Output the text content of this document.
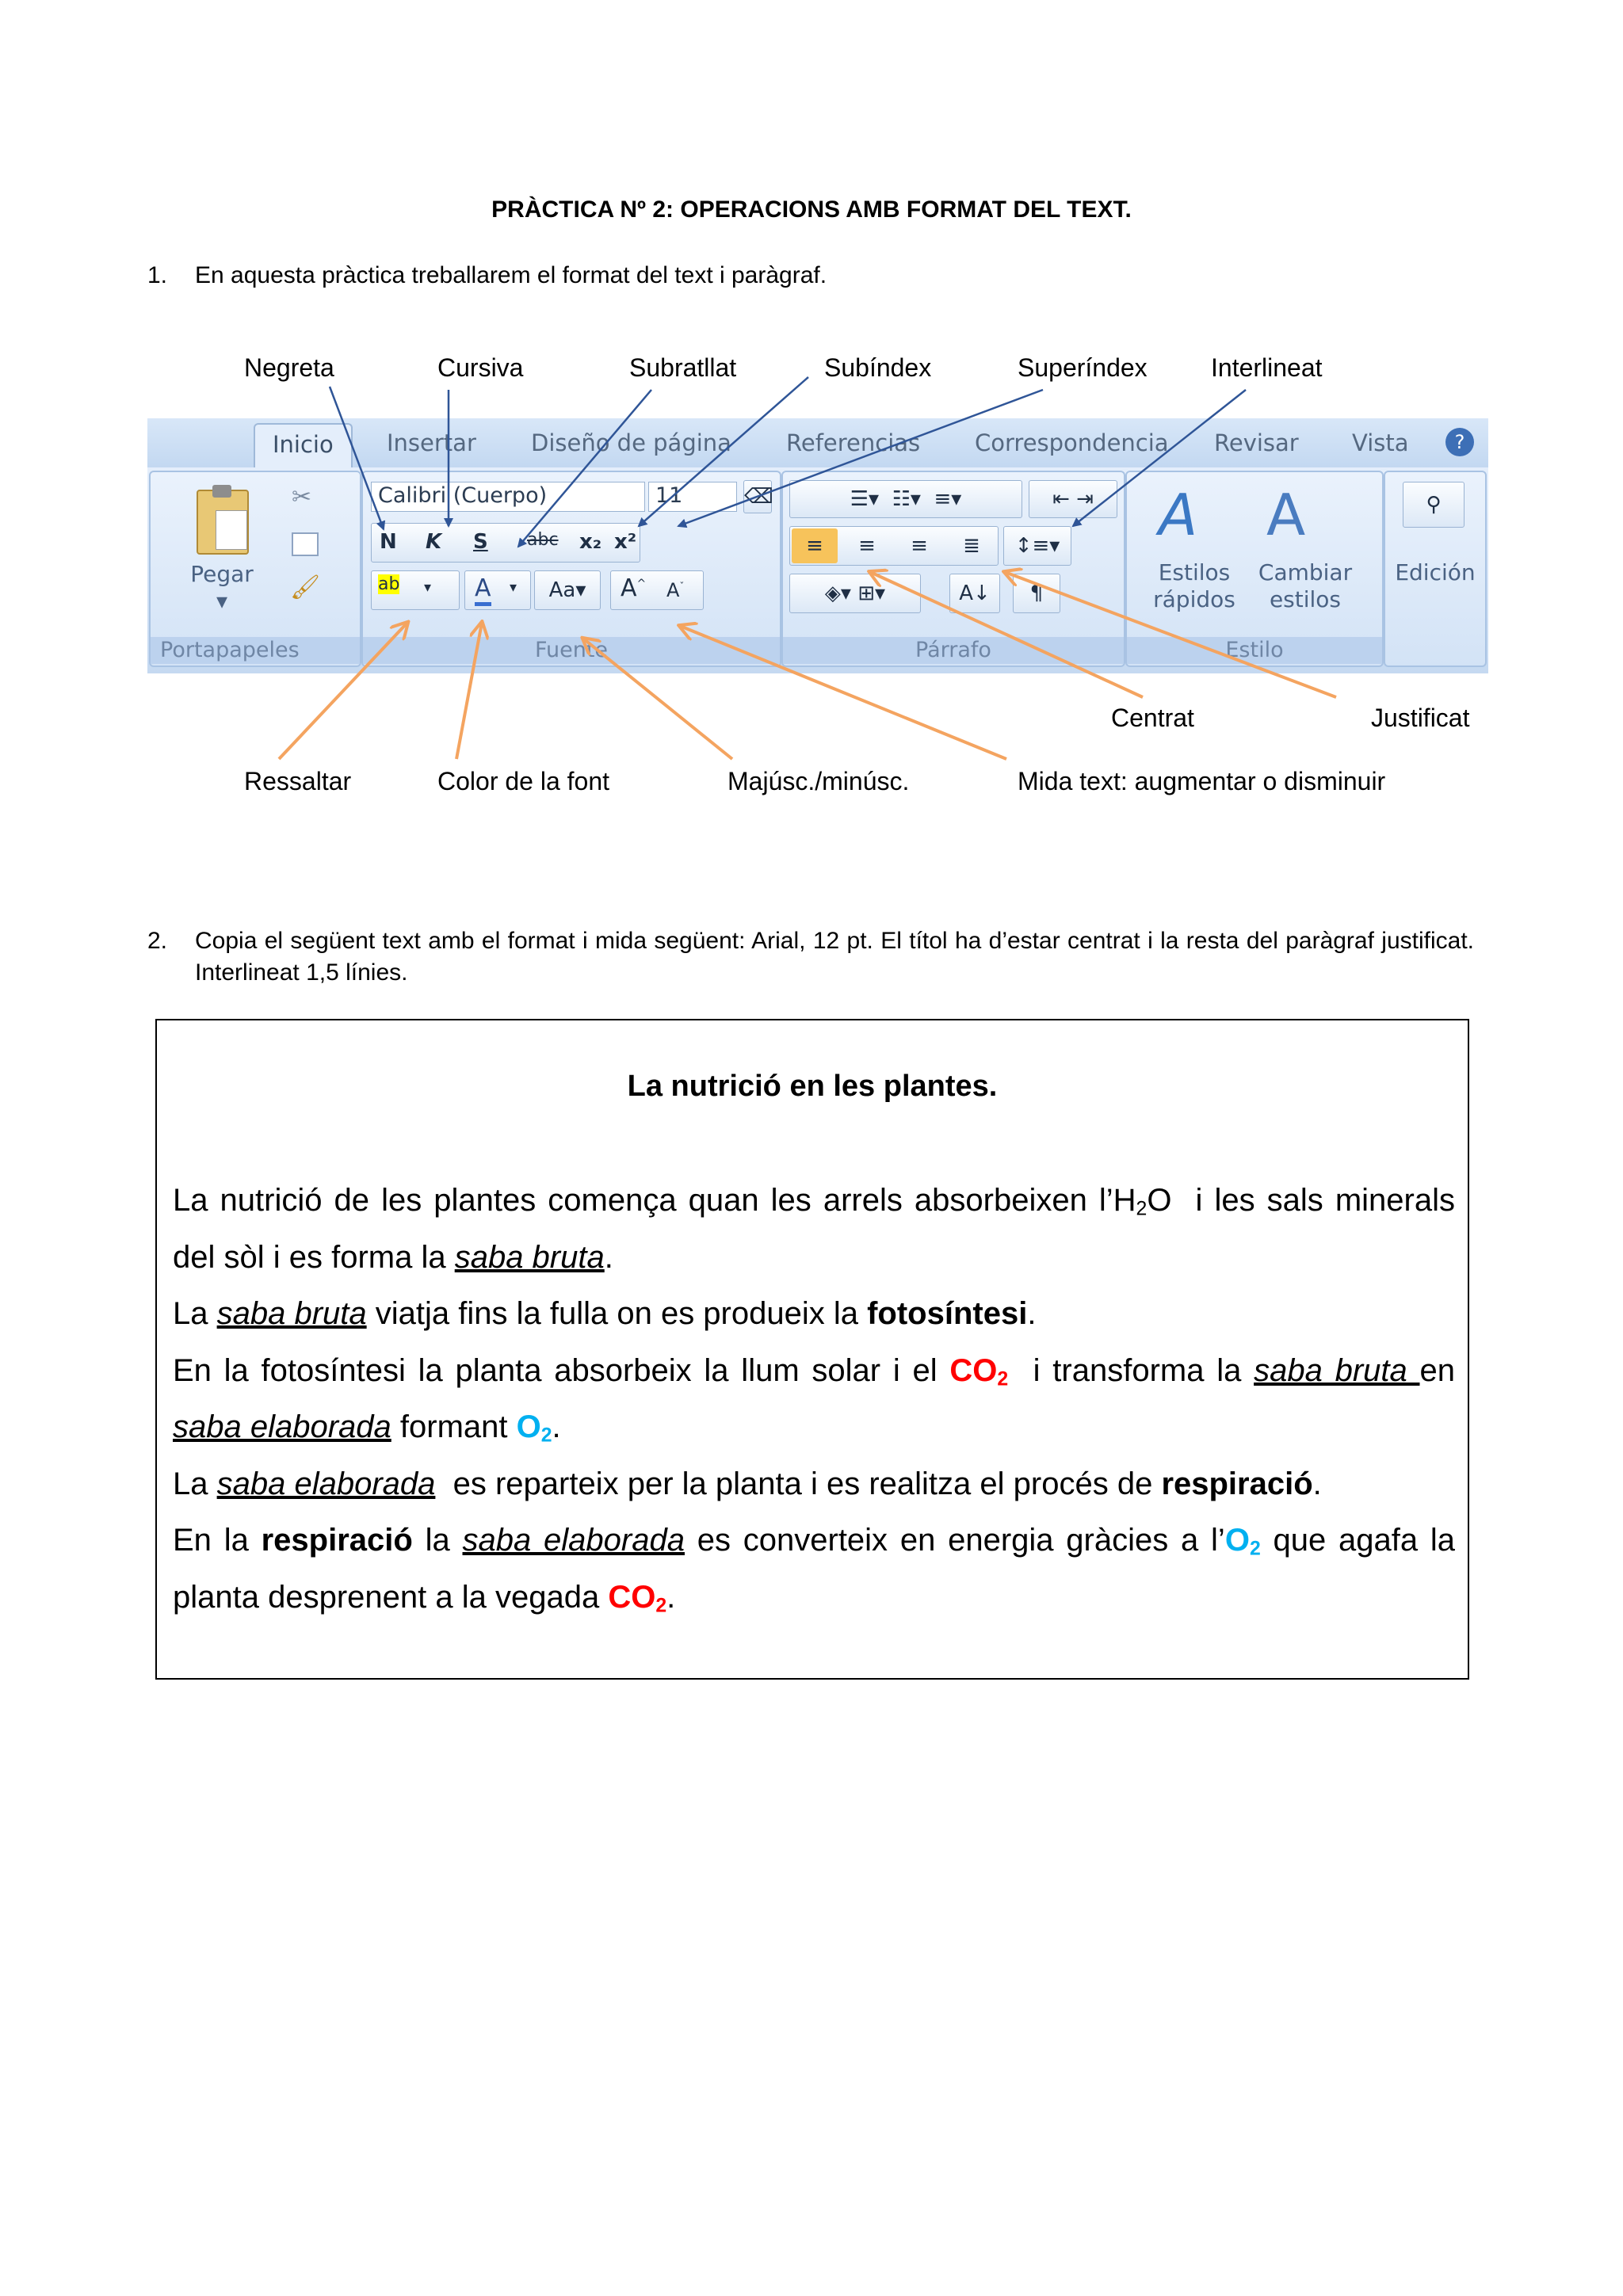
PRÀCTICA Nº 2: OPERACIONS AMB FORMAT DEL TEXT.
1. En aquesta pràctica treballarem el format del text i paràgraf.
Negreta	Cursiva	Subratllat	Subíndex	Superíndex	Interlineat
Inicio	Insertar Diseño de página Referencias Correspondencia Revisar Vista	?
Pegar
▾
✂
🖌
Portapapeles
Calibri (Cuerpo)	11	⌫
N K S abc x₂ x²
ab ▾ A ▾	Aa▾	A^ $A^ˇ$
Fuente
☰▾ ☷▾ ≡▾	⇤ ⇥
≡	≡	≡	≣	↕≡▾
◈▾ ⊞▾	A↓	¶
Párrafo
A A
Estilos rápidos
Cambiar estilos
Estilo
⚲
Edición
Centrat	Justificat
Ressaltar	Color de la font	Majúsc./minúsc.	Mida text: augmentar o disminuir
2. Copia el següent text amb el format i mida següent: Arial, 12 pt. El títol ha d’estar centrat i la resta del paràgraf justificat. Interlineat 1,5 línies.
La nutrició en les plantes.
La nutrició de les plantes comença quan les arrels absorbeixen $l’H_2O$  i les sals minerals del sòl i es forma la saba bruta.
La saba bruta viatja fins la fulla on es produeix la fotosíntesi.
En la fotosíntesi la planta absorbeix la llum solar i el $CO_2$  i transforma la saba bruta en saba elaborada formant $O_2$.
La saba elaborada  es reparteix per la planta i es realitza el procés de respiració.
En la respiració la saba elaborada es converteix en energia gràcies a $l’O_2$ que agafa la planta desprenent a la vegada $CO_2$.
